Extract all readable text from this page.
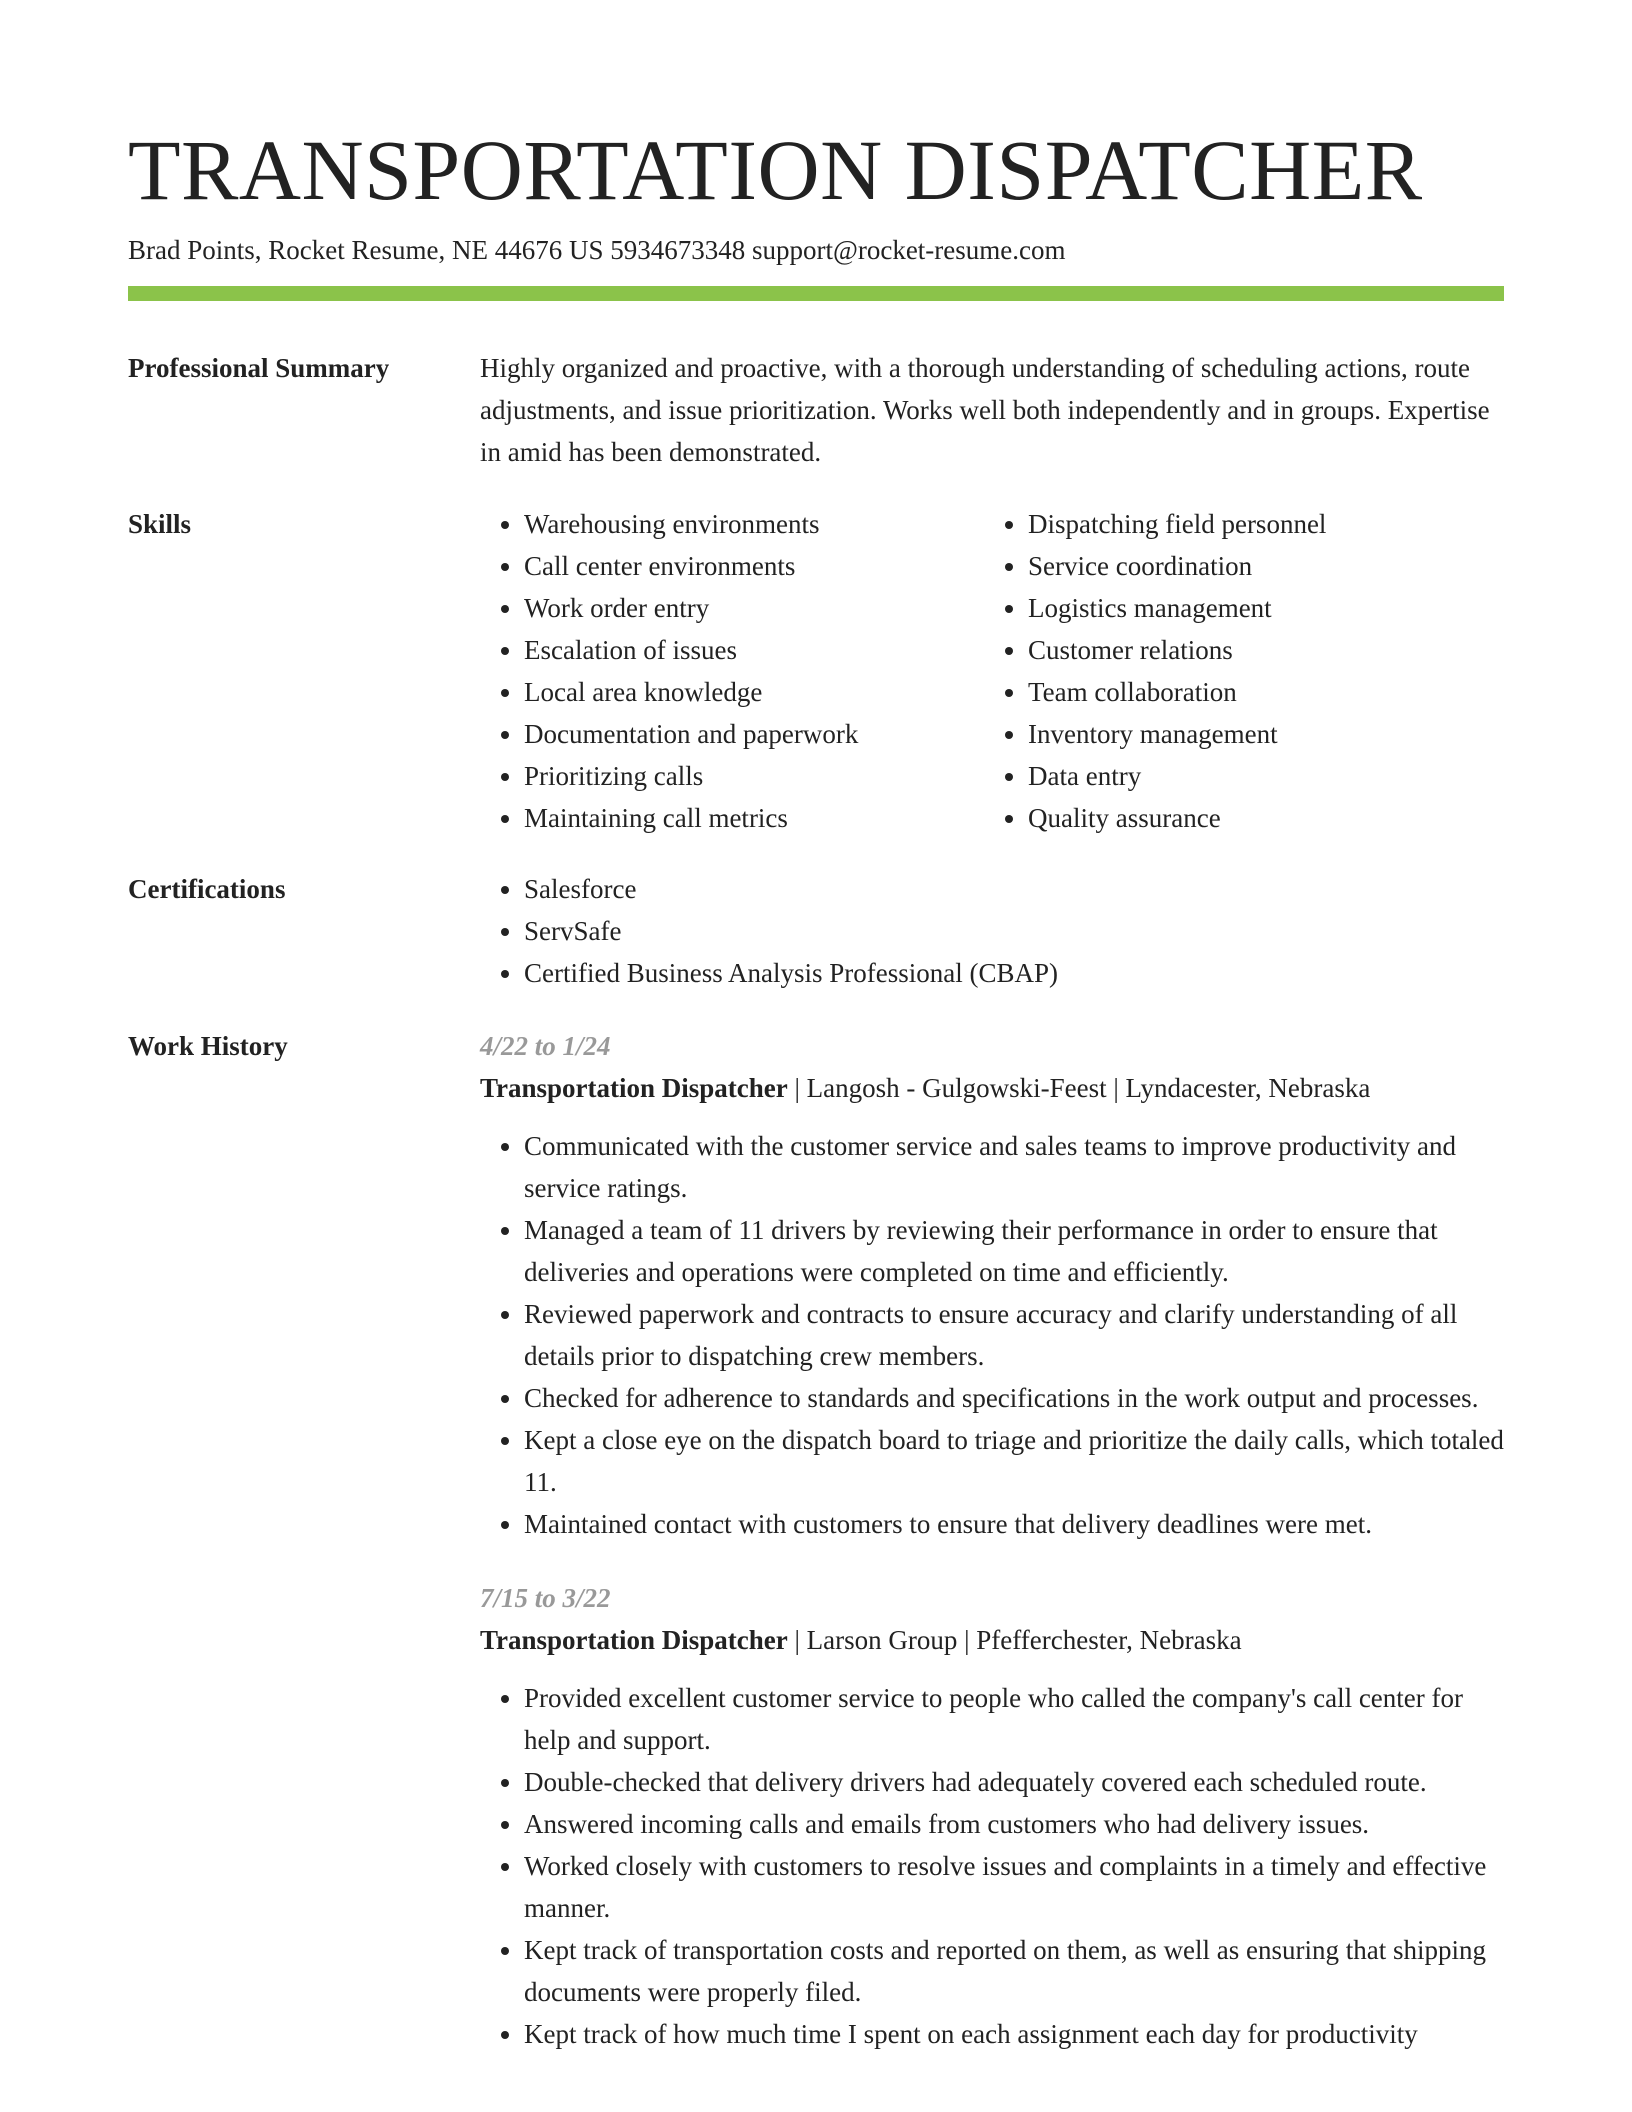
TRANSPORTATION DISPATCHER
Brad Points, Rocket Resume, NE 44676 US 5934673348 support@rocket-resume.com
Professional Summary	Highly organized and proactive, with a thorough understanding of scheduling actions, route adjustments, and issue prioritization. Works well both independently and in groups. Expertise in amid has been demonstrated.

Skills	• Warehousing environments
• Call center environments
• Work order entry
• Escalation of issues
• Local area knowledge
• Documentation and paperwork
• Prioritizing calls
• Maintaining call metrics
• Dispatching field personnel
• Service coordination
• Logistics management
• Customer relations
• Team collaboration
• Inventory management
• Data entry
• Quality assurance
Certifications	• Salesforce
• ServSafe
• Certified Business Analysis Professional (CBAP)
Work History	4/22 to 1/24
Transportation Dispatcher | Langosh - Gulgowski-Feest | Lyndacester, Nebraska
• Communicated with the customer service and sales teams to improve productivity and service ratings.
• Managed a team of 11 drivers by reviewing their performance in order to ensure that deliveries and operations were completed on time and efficiently.
• Reviewed paperwork and contracts to ensure accuracy and clarify understanding of all details prior to dispatching crew members.
• Checked for adherence to standards and specifications in the work output and processes.
• Kept a close eye on the dispatch board to triage and prioritize the daily calls, which totaled 11.
• Maintained contact with customers to ensure that delivery deadlines were met.
7/15 to 3/22
Transportation Dispatcher | Larson Group | Pfefferchester, Nebraska
• Provided excellent customer service to people who called the company's call center for help and support.
• Double-checked that delivery drivers had adequately covered each scheduled route.
• Answered incoming calls and emails from customers who had delivery issues.
• Worked closely with customers to resolve issues and complaints in a timely and effective manner.
• Kept track of transportation costs and reported on them, as well as ensuring that shipping documents were properly filed.
• Kept track of how much time I spent on each assignment each day for productivity
